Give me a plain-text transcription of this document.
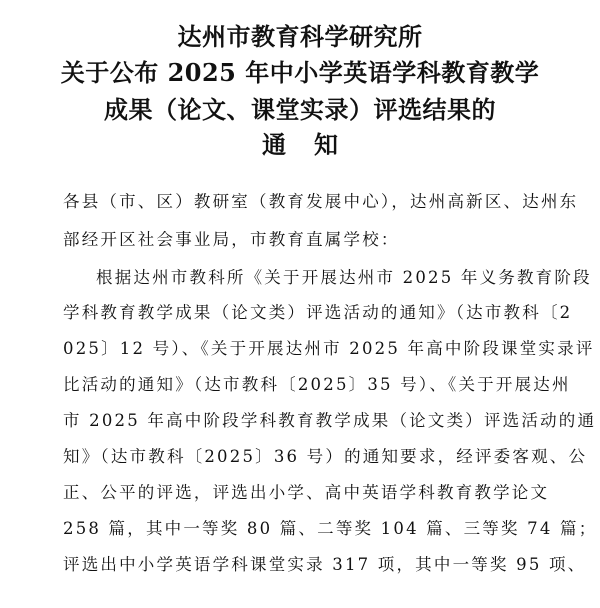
达州市教育科学研究所
关于公布 2025 年中小学英语学科教育教学
成果（论文、课堂实录）评选结果的
通知
各县（市、区）教研室（教育发展中心），达州高新区、达州东
部经开区社会事业局，市教育直属学校：
根据达州市教科所《关于开展达州市 2025 年义务教育阶段
学科教育教学成果（论文类）评选活动的通知》（达市教科〔2
025〕12 号）、《关于开展达州市 2025 年高中阶段课堂实录评
比活动的通知》（达市教科〔2025〕35 号）、《关于开展达州
市 2025 年高中阶段学科教育教学成果（论文类）评选活动的通
知》（达市教科〔2025〕36 号）的通知要求，经评委客观、公
正、公平的评选，评选出小学、高中英语学科教育教学论文
258 篇，其中一等奖 80 篇、二等奖 104 篇、三等奖 74 篇；
评选出中小学英语学科课堂实录 317 项，其中一等奖 95 项、
